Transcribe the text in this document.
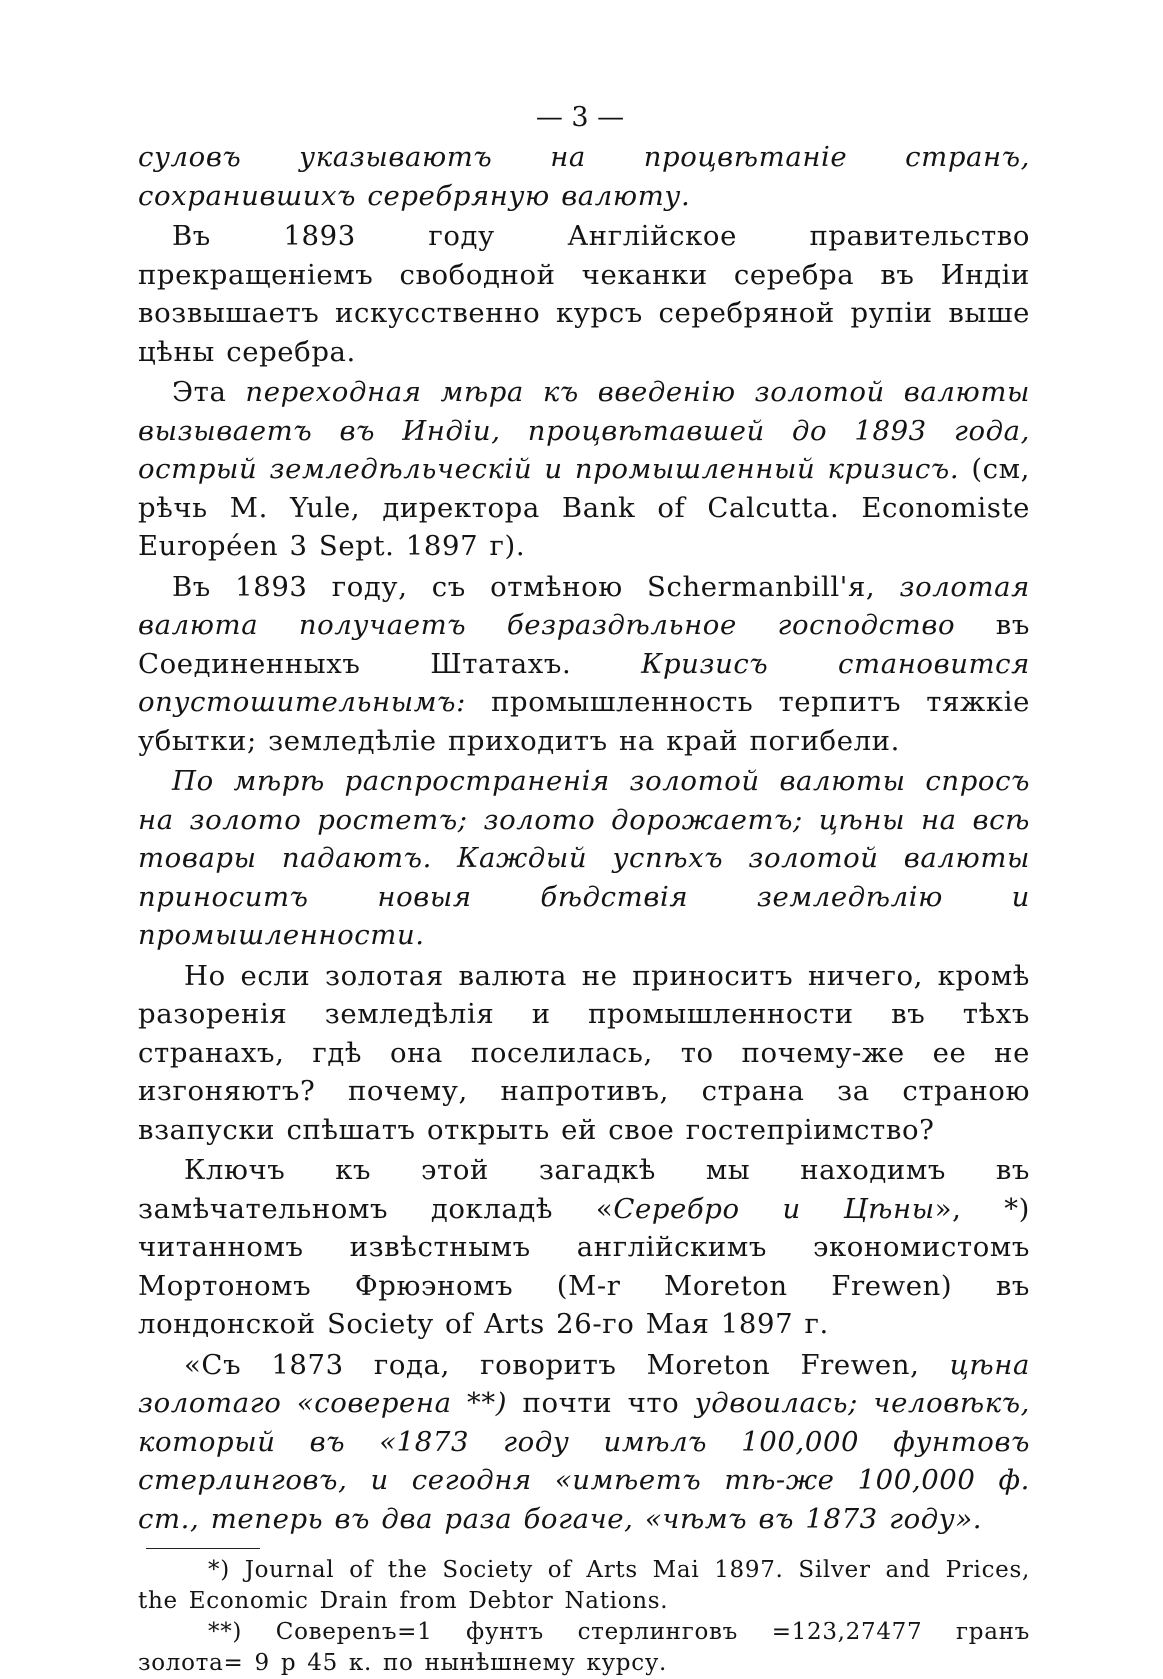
— 3 —

суловъ указываютъ на процвѣтаніе странъ, сохранившихъ серебряную валюту.

Въ 1893 году Англійское правительство прекращеніемъ свободной чеканки серебра въ Индіи возвышаетъ искусственно курсъ серебряной рупіи выше цѣны серебра.

Эта переходная мѣра къ введенію золотой валюты вызываетъ въ Индіи, процвѣтавшей до 1893 года, острый земледѣльческій и промышленный кризисъ. (см, рѣчь M. Yule, директора Bank of Calcutta. Economiste Européen 3 Sept. 1897 г).

Въ 1893 году, съ отмѣною Schermanbill'я, золотая валюта получаетъ безраздѣльное господство въ Соединенныхъ Штатахъ. Кризисъ становится опустошительнымъ: промышленность терпитъ тяжкіе убытки; земледѣліе приходитъ на край погибели.

По мѣрѣ распространенія золотой валюты спросъ на золото ростетъ; золото дорожаетъ; цѣны на всѣ товары падаютъ. Каждый успѣхъ золотой валюты приноситъ новыя бѣдствія земледѣлію и промышленности.

Но если золотая валюта не приноситъ ничего, кромѣ разоренія земледѣлія и промышленности въ тѣхъ странахъ, гдѣ она поселилась, то почему-же ее не изгоняютъ? почему, напротивъ, страна за страною взапуски спѣшатъ открыть ей свое гостепріимство?

Ключъ къ этой загадкѣ мы находимъ въ замѣчательномъ докладѣ «Серебро и Цѣны», *) читанномъ извѣстнымъ англійскимъ экономистомъ Мортономъ Фрюэномъ (M-r Moreton Frewen) въ лондонской Society of Arts 26-го Мая 1897 г.

«Съ 1873 года, говоритъ Moreton Frewen, цѣна золотаго «соверена **) почти что удвоилась; человѣкъ, который въ «1873 году имѣлъ 100,000 фунтовъ стерлинговъ, и сегодня «имѣетъ тѣ-же 100,000 ф. ст., теперь въ два раза богаче, «чѣмъ въ 1873 году».

*) Journal of the Society of Arts Mai 1897. Silver and Prices, the Economic Drain from Debtor Nations.

**) Совереnъ=1 фунтъ стерлинговъ =123,27477 гранъ золота= 9 р 45 к. по нынѣшнему курсу.
